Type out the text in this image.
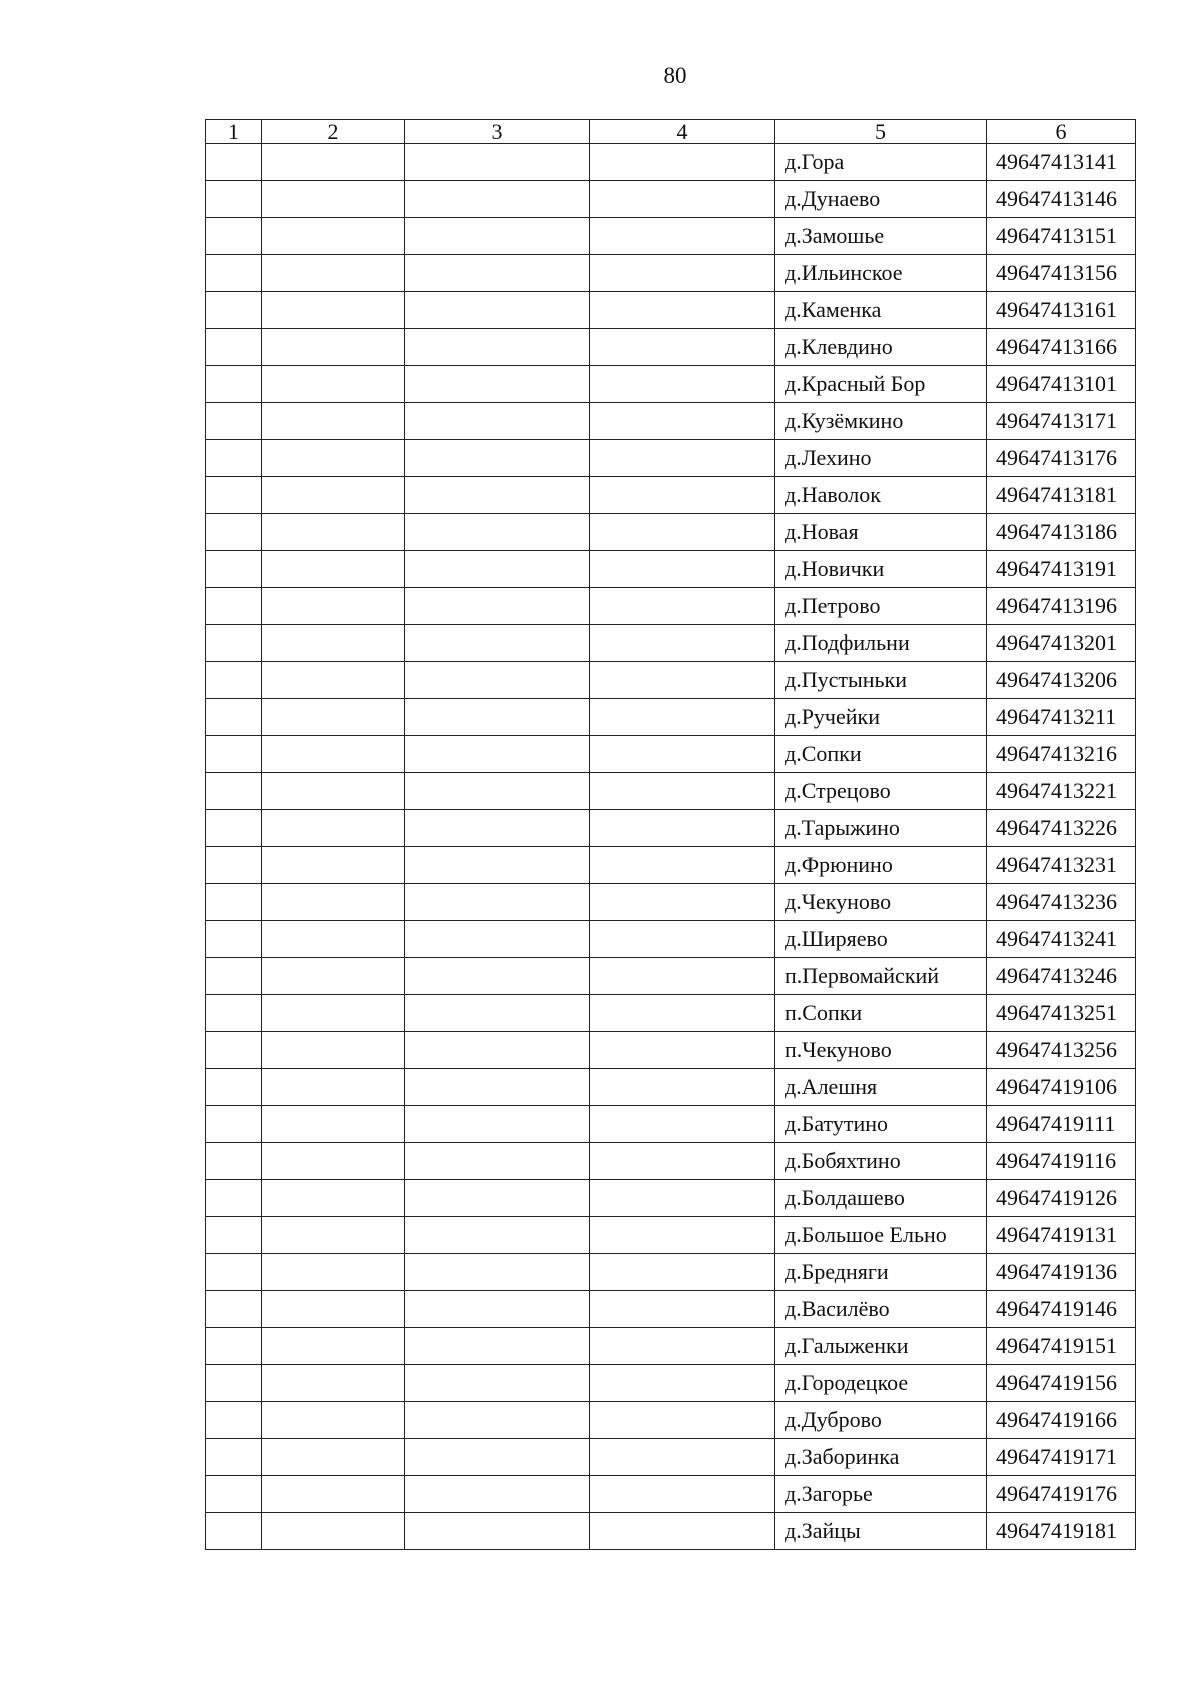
80
1	2	3	4	5	6
				д.Гора	49647413141
				д.Дунаево	49647413146
				д.Замошье	49647413151
				д.Ильинское	49647413156
				д.Каменка	49647413161
				д.Клевдино	49647413166
				д.Красный Бор	49647413101
				д.Кузёмкино	49647413171
				д.Лехино	49647413176
				д.Наволок	49647413181
				д.Новая	49647413186
				д.Новички	49647413191
				д.Петрово	49647413196
				д.Подфильни	49647413201
				д.Пустыньки	49647413206
				д.Ручейки	49647413211
				д.Сопки	49647413216
				д.Стрецово	49647413221
				д.Тарыжино	49647413226
				д.Фрюнино	49647413231
				д.Чекуново	49647413236
				д.Ширяево	49647413241
				п.Первомайский	49647413246
				п.Сопки	49647413251
				п.Чекуново	49647413256
				д.Алешня	49647419106
				д.Батутино	49647419111
				д.Бобяхтино	49647419116
				д.Болдашево	49647419126
				д.Большое Ельно	49647419131
				д.Бредняги	49647419136
				д.Василёво	49647419146
				д.Галыженки	49647419151
				д.Городецкое	49647419156
				д.Дуброво	49647419166
				д.Заборинка	49647419171
				д.Загорье	49647419176
				д.Зайцы	49647419181
